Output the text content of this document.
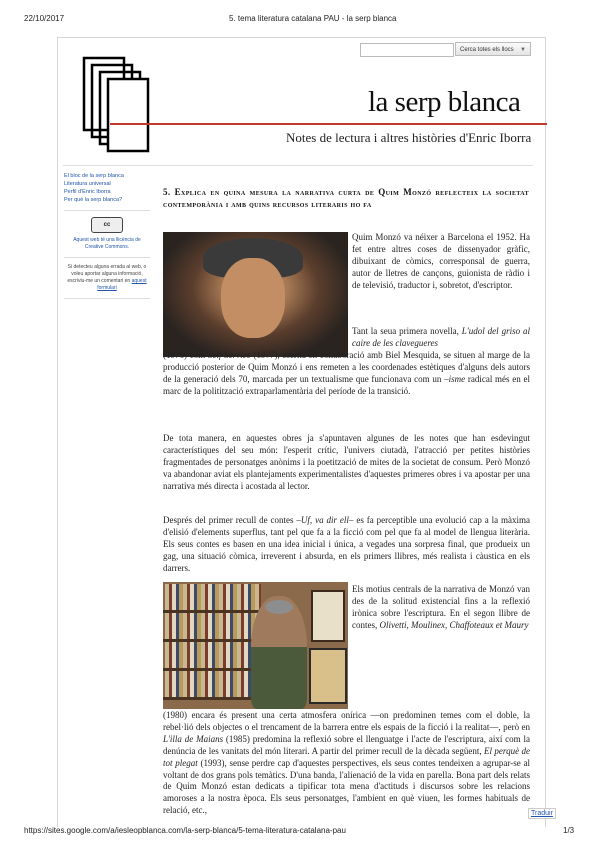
22/10/2017	5. tema literatura catalana PAU - la serp blanca
Cerca totes els llocs ▼
la serp blanca
Notes de lectura i altres històries d'Enric Iborra
El bloc de la serp blanca
Literatura universal
Perfil d'Enric Iborra
Per què la serp blanca?
cc
Aquest web té una llicència de Creative Commons.
Si detecteu alguna errada al web, o voleu aportar alguna informació, escriviu-me un comentari en aquest formulari
5. Explica en quina mesura la narrativa curta de Quim Monzó reflecteix la societat contemporània i amb quins recursos literaris ho fa

Quim Monzó va néixer a Barcelona el 1952. Ha fet entre altres coses de dissenyador gràfic, dibuixant de còmics, corresponsal de guerra, autor de lletres de cançons, guionista de ràdio i de televisió, traductor i, sobretot, d'escriptor.

Tant la seua primera novella, L'udol del griso al caire de les clavegueres

(1976) com Self Service (1977), escrita en collaboració amb Biel Mesquida, se situen al marge de la producció posterior de Quim Monzó i ens remeten a les coordenades estètiques d'alguns dels autors de la generació dels 70, marcada per un textualisme que funcionava com un –isme radical més en el marc de la politització extraparlamentària del període de la transició.

De tota manera, en aquestes obres ja s'apuntaven algunes de les notes que han esdevingut característiques del seu món: l'esperit crític, l'univers ciutadà, l'atracció per petites històries fragmentades de personatges anònims i la poetització de mites de la societat de consum. Però Monzó va abandonar aviat els plantejaments experimentalistes d'aquestes primeres obres i va apostar per una narrativa més directa i acostada al lector.

Després del primer recull de contes –Uf, va dir ell– es fa perceptible una evolució cap a la màxima d'elisió d'elements superflus, tant pel que fa a la ficció com pel que fa al model de llengua literària. Els seus contes es basen en una idea inicial i única, a vegades una sorpresa final, que produeix un gag, una situació còmica, irreverent i absurda, en els primers llibres, més realista i càustica en els darrers.

Els motius centrals de la narrativa de Monzó van des de la solitud existencial fins a la reflexió irònica sobre l'escriptura. En el segon llibre de contes, Olivetti, Moulinex, Chaffoteaux et Maury

(1980) encara és present una certa atmosfera onírica —on predominen temes com el doble, la rebel·lió dels objectes o el trencament de la barrera entre els espais de la ficció i la realitat—, però en L'illa de Maians (1985) predomina la reflexió sobre el llenguatge i l'acte de l'escriptura, així com la denúncia de les vanitats del món literari. A partir del primer recull de la dècada següent, El perquè de tot plegat (1993), sense perdre cap d'aquestes perspectives, els seus contes tendeixen a agrupar-se al voltant de dos grans pols temàtics. D'una banda, l'alienació de la vida en parella. Bona part dels relats de Quim Monzó estan dedicats a tipificar tota mena d'actituds i discursos sobre les relacions amoroses a la nostra època. Els seus personatges, l'ambient en què viuen, les formes habituals de relació, etc.,	Traduir
https://sites.google.com/a/iesleopblanca.com/la-serp-blanca/5-tema-literatura-catalana-pau	1/3
